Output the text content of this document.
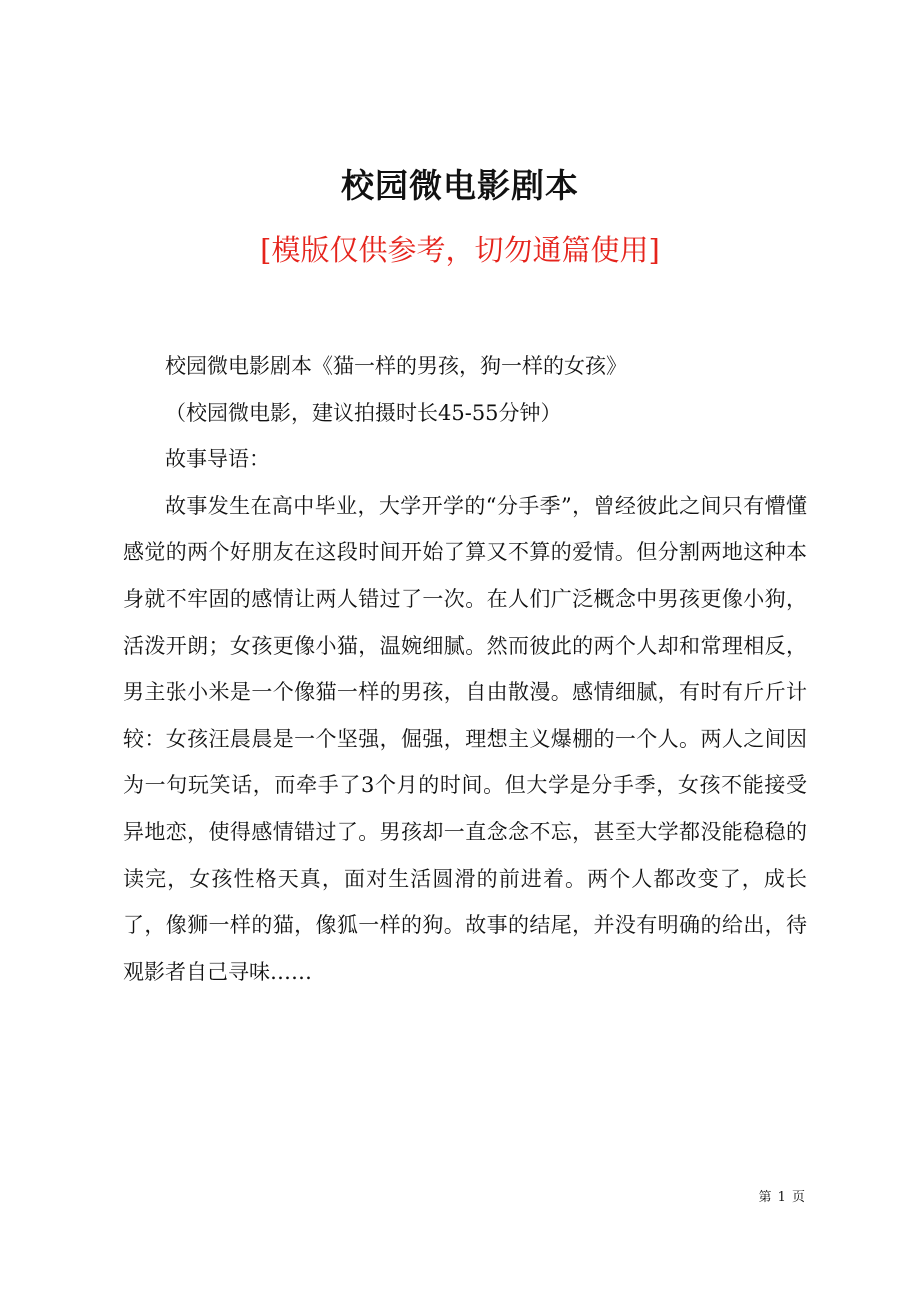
校园微电影剧本
[模版仅供参考，切勿通篇使用]

校园微电影剧本《猫一样的男孩，狗一样的女孩》

（校园微电影，建议拍摄时长45-55分钟）

故事导语：

故事发生在高中毕业，大学开学的“分手季”，曾经彼此之间只有懵懂感觉的两个好朋友在这段时间开始了算又不算的爱情。但分割两地这种本身就不牢固的感情让两人错过了一次。在人们广泛概念中男孩更像小狗，活泼开朗；女孩更像小猫，温婉细腻。然而彼此的两个人却和常理相反，男主张小米是一个像猫一样的男孩，自由散漫。感情细腻，有时有斤斤计较：女孩汪晨晨是一个坚强，倔强，理想主义爆棚的一个人。两人之间因为一句玩笑话，而牵手了3个月的时间。但大学是分手季，女孩不能接受异地恋，使得感情错过了。男孩却一直念念不忘，甚至大学都没能稳稳的读完，女孩性格天真，面对生活圆滑的前进着。两个人都改变了，成长了，像狮一样的猫，像狐一样的狗。故事的结尾，并没有明确的给出，待观影者自己寻味……

第 1 页
